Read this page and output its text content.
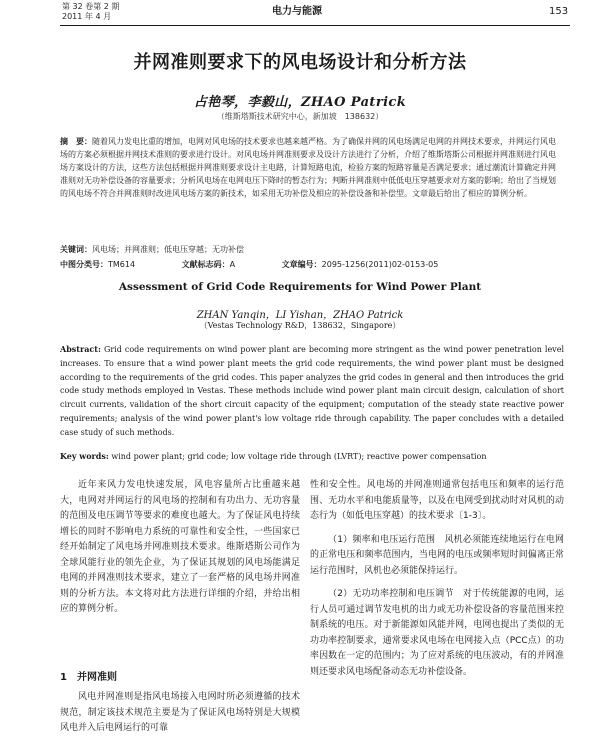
第 32 卷第 2 期
2011 年 4 月	电力与能源	153
并网准则要求下的风电场设计和分析方法
占艳琴，李毅山，ZHAO Patrick
（维斯塔斯技术研究中心，新加坡　138632）
摘　要：随着风力发电比重的增加，电网对风电场的技术要求也越来越严格。为了确保并网的风电场满足电网的并网技术要求，并网运行风电场的方案必须根据并网技术准则的要求进行设计。对风电场并网准则要求及设计方法进行了分析，介绍了维斯塔斯公司根据并网准则进行风电场方案设计的方法，这些方法包括根据并网准则要求设计主电路，计算短路电流，检验方案的短路容量是否满足要求；通过潮流计算确定并网准则对无功补偿设备的容量要求；分析风电场在电网电压下降时的暂态行为；判断并网准则中低低电压穿越要求对方案的影响；给出了当规划的风电场不符合并网准则时改进风电场方案的新技术，如采用无功补偿及相应的补偿设备和补偿型。文章最后给出了相应的算例分析。
关键词：风电场；并网准则；低电压穿越；无功补偿
中图分类号：TM614	文献标志码：A	文章编号：2095-1256(2011)02-0153-05
Assessment of Grid Code Requirements for Wind Power Plant
ZHAN Yanqin，LI Yishan，ZHAO Patrick
（Vestas Technology R&D，138632，Singapore）
Abstract: Grid code requirements on wind power plant are becoming more stringent as the wind power penetration level increases. To ensure that a wind power plant meets the grid code requirements, the wind power plant must be designed according to the requirements of the grid codes. This paper analyzes the grid codes in general and then introduces the grid code study methods employed in Vestas. These methods include wind power plant main circuit design, calculation of short circuit currents, validation of the short circuit capacity of the equipment; computation of the steady state reactive power requirements; analysis of the wind power plant's low voltage ride through capability. The paper concludes with a detailed case study of such methods.
Key words: wind power plant; grid code; low voltage ride through (LVRT); reactive power compensation

近年来风力发电快速发展，风电容量所占比重越来越大，电网对并网运行的风电场的控制和有功出力、无功容量的范围及电压调节等要求的难度也越大。为了保证风电持续增长的同时不影响电力系统的可靠性和安全性，一些国家已经开始制定了风电场并网准则技术要求。维斯塔斯公司作为全球风能行业的领先企业，为了保证其规划的风电场能满足电网的并网准则技术要求，建立了一套严格的风电场并网准则的分析方法。本文将对此方法进行详细的介绍，并给出相应的算例分析。

1　并网准则

风电并网准则是指风电场接入电网时所必须遵循的技术规范，制定该技术规范主要是为了保证风电场特别是大规模风电并入后电网运行的可靠

性和安全性。风电场的并网准则通常包括电压和频率的运行范围、无功水平和电能质量等，以及在电网受到扰动时对风机的动态行为（如低电压穿越）的技术要求〔1-3〕。

（1）频率和电压运行范围　风机必须能连续地运行在电网的正常电压和频率范围内，当电网的电压或频率短时间偏离正常运行范围时，风机也必须能保持运行。

（2）无功功率控制和电压调节　对于传统能源的电网，运行人员可通过调节发电机的出力或无功补偿设备的容量范围来控制系统的电压。对于新能源如风能并网，电网也提出了类似的无功功率控制要求，通常要求风电场在电网接入点（PCC点）的功率因数在一定的范围内；为了应对系统的电压波动，有的并网准则还要求风电场配备动态无功补偿设备。
